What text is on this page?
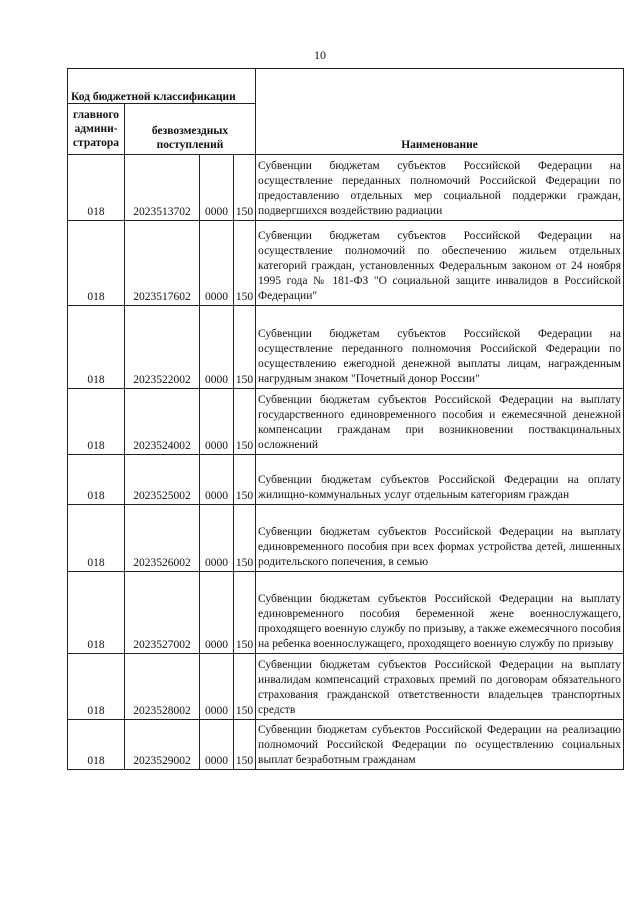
10
Код бюджетной классификации				Наименование
главного админи-стратора	безвозмездных поступлений			
018	2023513702	0000	150	Субвенции бюджетам субъектов Российской Федерации на осуществление переданных полномочий Российской Федерации по предоставлению отдельных мер социальной поддержки граждан, подвергшихся воздействию радиации
018	2023517602	0000	150	Субвенции бюджетам субъектов Российской Федерации на осуществление полномочий по обеспечению жильем отдельных категорий граждан, установленных Федеральным законом от 24 ноября 1995 года № 181-ФЗ "О социальной защите инвалидов в Российской Федерации"
018	2023522002	0000	150	Субвенции бюджетам субъектов Российской Федерации на осуществление переданного полномочия Российской Федерации по осуществлению ежегодной денежной выплаты лицам, награжденным нагрудным знаком "Почетный донор России"
018	2023524002	0000	150	Субвенции бюджетам субъектов Российской Федерации на выплату государственного единовременного пособия и ежемесячной денежной компенсации гражданам при возникновении поствакцинальных осложнений
018	2023525002	0000	150	Субвенции бюджетам субъектов Российской Федерации на оплату жилищно-коммунальных услуг отдельным категориям граждан
018	2023526002	0000	150	Субвенции бюджетам субъектов Российской Федерации на выплату единовременного пособия при всех формах устройства детей, лишенных родительского попечения, в семью
018	2023527002	0000	150	Субвенции бюджетам субъектов Российской Федерации на выплату единовременного пособия беременной жене военнослужащего, проходящего военную службу по призыву, а также ежемесячного пособия на ребенка военнослужащего, проходящего военную службу по призыву
018	2023528002	0000	150	Субвенции бюджетам субъектов Российской Федерации на выплату инвалидам компенсаций страховых премий по договорам обязательного страхования гражданской ответственности владельцев транспортных средств
018	2023529002	0000	150	Субвенции бюджетам субъектов Российской Федерации на реализацию полномочий Российской Федерации по осуществлению социальных выплат безработным гражданам
